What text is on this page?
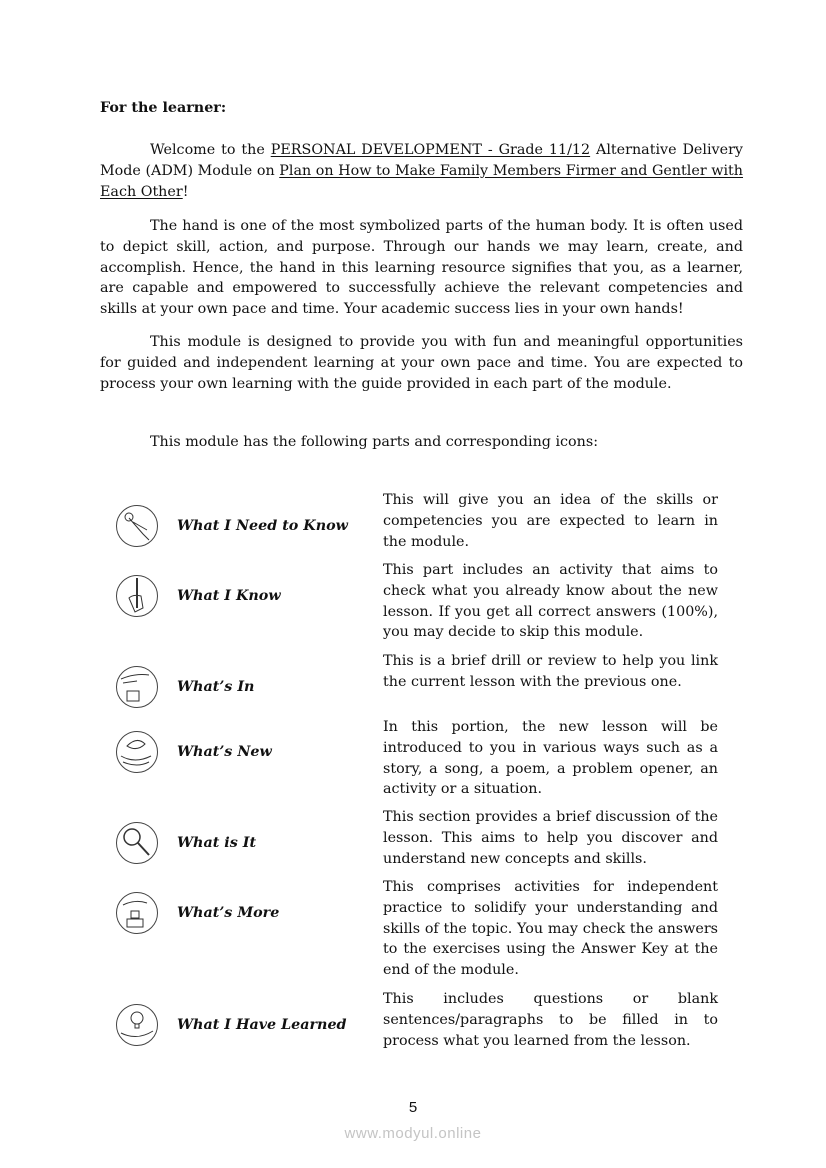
For the learner:
Welcome to the PERSONAL DEVELOPMENT - Grade 11/12 Alternative Delivery Mode (ADM) Module on Plan on How to Make Family Members Firmer and Gentler with Each Other!
The hand is one of the most symbolized parts of the human body. It is often used to depict skill, action, and purpose. Through our hands we may learn, create, and accomplish. Hence, the hand in this learning resource signifies that you, as a learner, are capable and empowered to successfully achieve the relevant competencies and skills at your own pace and time. Your academic success lies in your own hands!
This module is designed to provide you with fun and meaningful opportunities for guided and independent learning at your own pace and time. You are expected to process your own learning with the guide provided in each part of the module.
This module has the following parts and corresponding icons:
What I Need to Know
This will give you an idea of the skills or competencies you are expected to learn in the module.
What I Know
This part includes an activity that aims to check what you already know about the new lesson. If you get all correct answers (100%), you may decide to skip this module.
What’s In
This is a brief drill or review to help you link the current lesson with the previous one.
What’s New
In this portion, the new lesson will be introduced to you in various ways such as a story, a song, a poem, a problem opener, an activity or a situation.
What is It
This section provides a brief discussion of the lesson. This aims to help you discover and understand new concepts and skills.
What’s More
This comprises activities for independent practice to solidify your understanding and skills of the topic. You may check the answers to the exercises using the Answer Key at the end of the module.
What I Have Learned
This includes questions or blank sentences/paragraphs to be filled in to process what you learned from the lesson.
5
www.modyul.online
